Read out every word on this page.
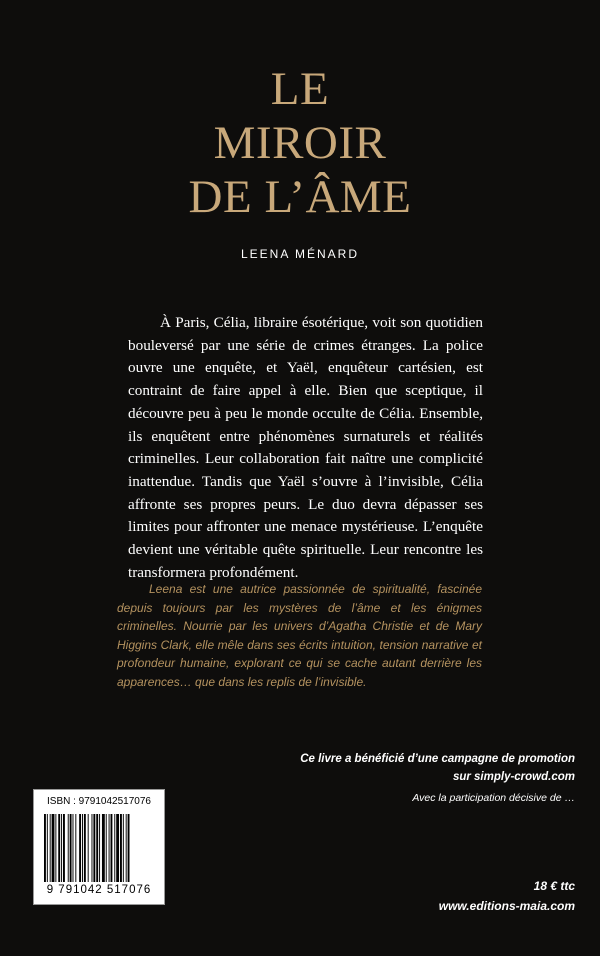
LE
MIROIR
DE L’ÂME
LEENA MÉNARD

À Paris, Célia, libraire ésotérique, voit son quotidien bouleversé par une série de crimes étranges. La police ouvre une enquête, et Yaël, enquêteur cartésien, est contraint de faire appel à elle. Bien que sceptique, il découvre peu à peu le monde occulte de Célia. Ensemble, ils enquêtent entre phénomènes surnaturels et réalités criminelles. Leur collaboration fait naître une complicité inattendue. Tandis que Yaël s’ouvre à l’invisible, Célia affronte ses propres peurs. Le duo devra dépasser ses limites pour affronter une menace mystérieuse. L’enquête devient une véritable quête spirituelle. Leur rencontre les transformera profondément.

Leena est une autrice passionnée de spiritualité, fascinée depuis toujours par les mystères de l’âme et les énigmes criminelles. Nourrie par les univers d’Agatha Christie et de Mary Higgins Clark, elle mêle dans ses écrits intuition, tension narrative et profondeur humaine, explorant ce qui se cache autant derrière les apparences… que dans les replis de l’invisible.

Ce livre a bénéficié d’une campagne de promotion
sur simply-crowd.com
Avec la participation décisive de …
ISBN : 9791042517076
9 791042 517076	18 € ttc
www.editions-maia.com
